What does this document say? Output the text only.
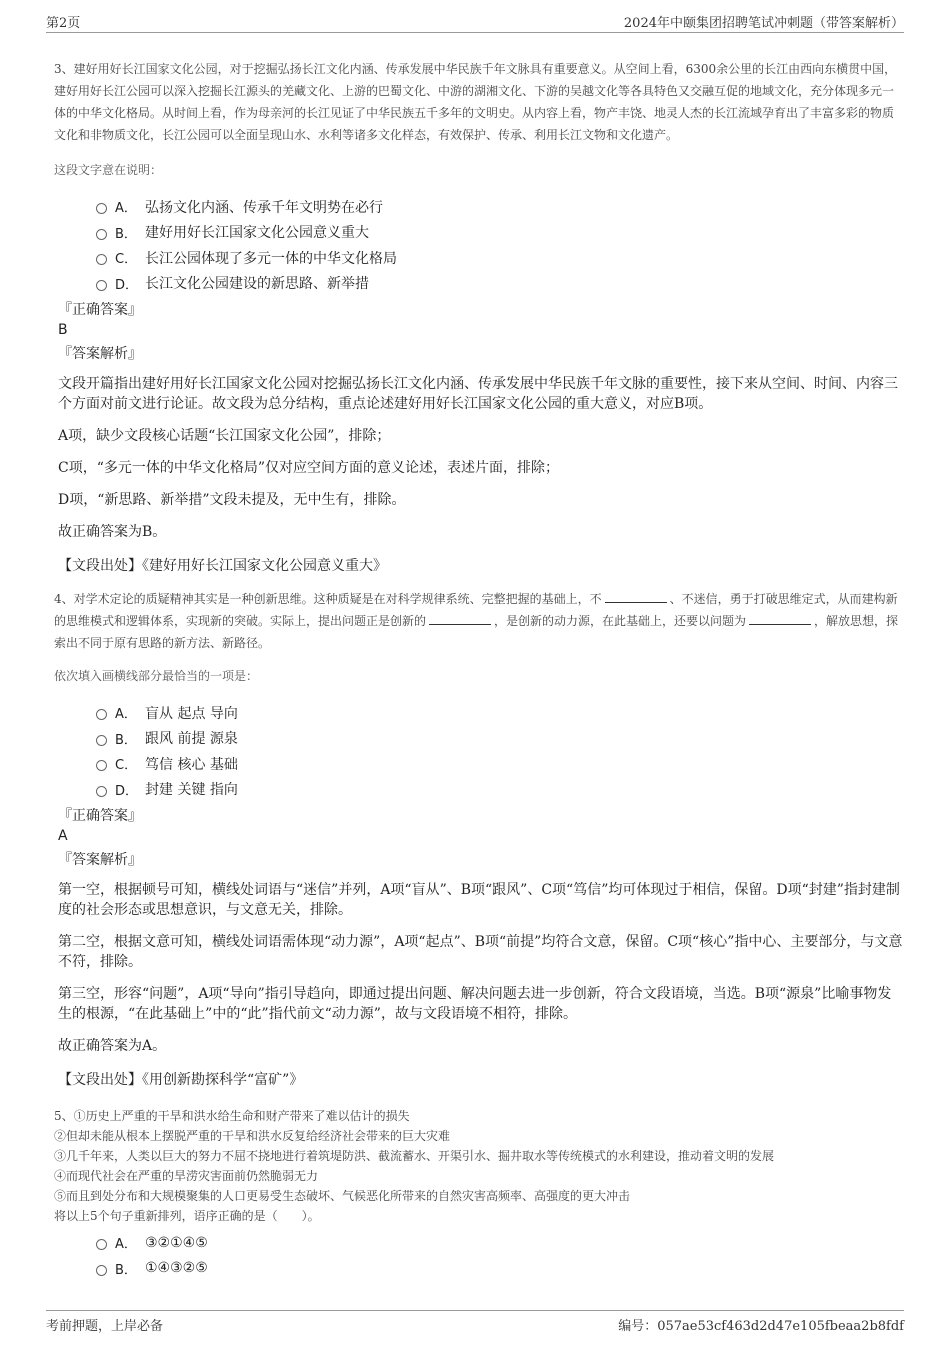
第2页	2024年中颐集团招聘笔试冲刺题（带答案解析）

3、建好用好长江国家文化公园，对于挖掘弘扬长江文化内涵、传承发展中华民族千年文脉具有重要意义。从空间上看，6300余公里的长江由西向东横贯中国，建好用好长江公园可以深入挖掘长江源头的羌藏文化、上游的巴蜀文化、中游的湖湘文化、下游的吴越文化等各具特色又交融互促的地域文化，充分体现多元一体的中华文化格局。从时间上看，作为母亲河的长江见证了中华民族五千多年的文明史。从内容上看，物产丰饶、地灵人杰的长江流域孕育出了丰富多彩的物质文化和非物质文化，长江公园可以全面呈现山水、水利等诸多文化样态，有效保护、传承、利用长江文物和文化遗产。

这段文字意在说明：

A． 弘扬文化内涵、传承千年文明势在必行
B． 建好用好长江国家文化公园意义重大
C． 长江公园体现了多元一体的中华文化格局
D． 长江文化公园建设的新思路、新举措
『正确答案』
B
『答案解析』

文段开篇指出建好用好长江国家文化公园对挖掘弘扬长江文化内涵、传承发展中华民族千年文脉的重要性，接下来从空间、时间、内容三个方面对前文进行论证。故文段为总分结构，重点论述建好用好长江国家文化公园的重大意义，对应B项。

A项，缺少文段核心话题“长江国家文化公园”，排除；

C项，“多元一体的中华文化格局”仅对应空间方面的意义论述，表述片面，排除；

D项，“新思路、新举措”文段未提及，无中生有，排除。

故正确答案为B。

【文段出处】《建好用好长江国家文化公园意义重大》

4、对学术定论的质疑精神其实是一种创新思维。这种质疑是在对科学规律系统、完整把握的基础上，不	、不迷信，勇于打破思维定式，从而建构新的思维模式和逻辑体系，实现新的突破。实际上，提出问题正是创新的	，是创新的动力源，在此基础上，还要以问题为	，解放思想，探索出不同于原有思路的新方法、新路径。

依次填入画横线部分最恰当的一项是：

A． 盲从 起点 导向
B． 跟风 前提 源泉
C． 笃信 核心 基础
D． 封建 关键 指向
『正确答案』
A
『答案解析』

第一空，根据顿号可知，横线处词语与“迷信”并列，A项“盲从”、B项“跟风”、C项“笃信”均可体现过于相信，保留。D项“封建”指封建制度的社会形态或思想意识，与文意无关，排除。

第二空，根据文意可知，横线处词语需体现“动力源”，A项“起点”、B项“前提”均符合文意，保留。C项“核心”指中心、主要部分，与文意不符，排除。

第三空，形容“问题”，A项“导向”指引导趋向，即通过提出问题、解决问题去进一步创新，符合文段语境，当选。B项“源泉”比喻事物发生的根源，“在此基础上”中的“此”指代前文“动力源”，故与文段语境不相符，排除。

故正确答案为A。

【文段出处】《用创新勘探科学“富矿”》

5、①历史上严重的干旱和洪水给生命和财产带来了难以估计的损失

②但却未能从根本上摆脱严重的干旱和洪水反复给经济社会带来的巨大灾难

③几千年来，人类以巨大的努力不屈不挠地进行着筑堤防洪、截流蓄水、开渠引水、掘井取水等传统模式的水利建设，推动着文明的发展

④而现代社会在严重的旱涝灾害面前仍然脆弱无力

⑤而且到处分布和大规模聚集的人口更易受生态破坏、气候恶化所带来的自然灾害高频率、高强度的更大冲击

将以上5个句子重新排列，语序正确的是（　　）。

A． ③②①④⑤
B． ①④③②⑤
考前押题，上岸必备	编号：057ae53cf463d2d47e105fbeaa2b8fdf
